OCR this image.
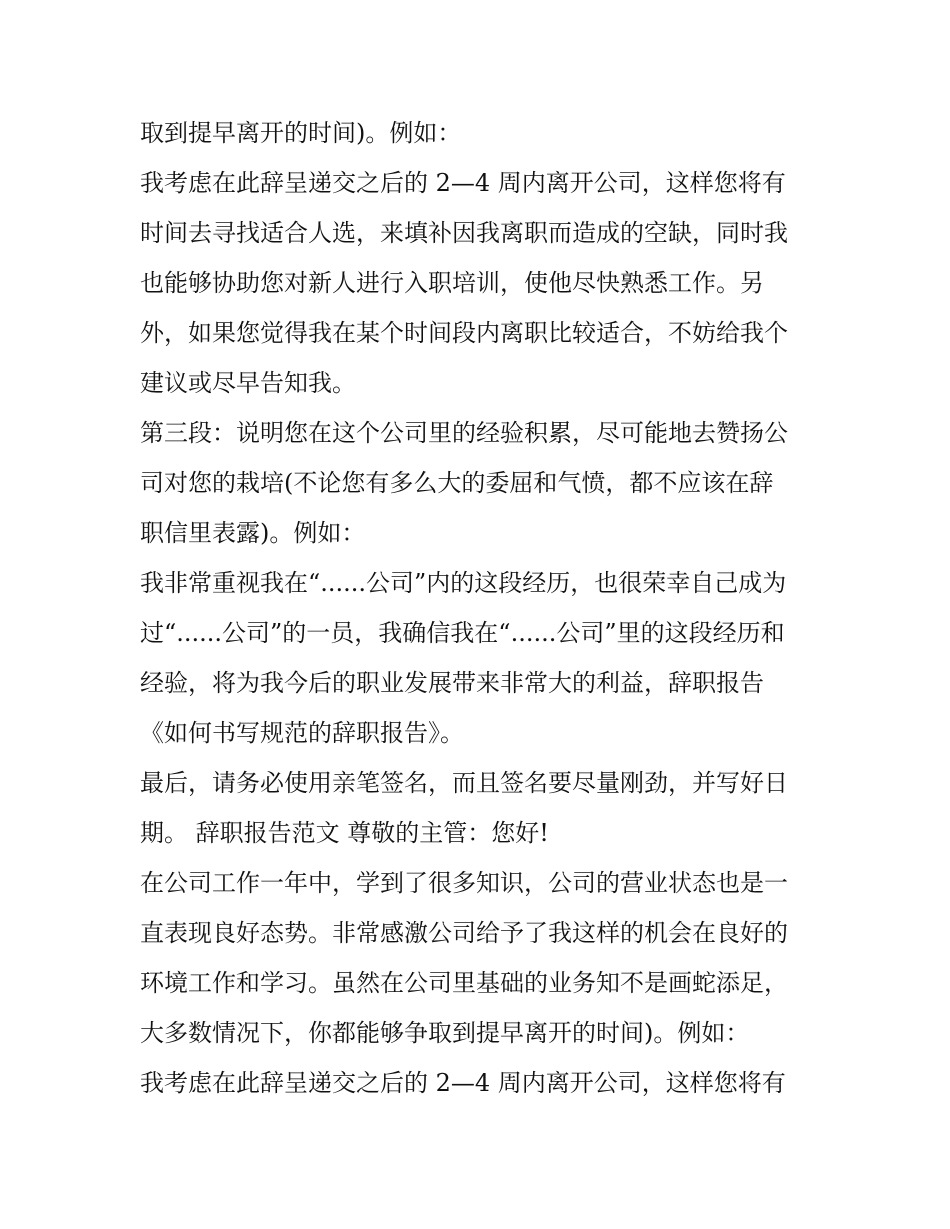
取到提早离开的时间)。例如：
我考虑在此辞呈递交之后的 2—4 周内离开公司，这样您将有
时间去寻找适合人选，来填补因我离职而造成的空缺，同时我
也能够协助您对新人进行入职培训，使他尽快熟悉工作。另
外，如果您觉得我在某个时间段内离职比较适合，不妨给我个
建议或尽早告知我。
第三段：说明您在这个公司里的经验积累，尽可能地去赞扬公
司对您的栽培(不论您有多么大的委屈和气愤，都不应该在辞
职信里表露)。例如：
我非常重视我在“......公司”内的这段经历，也很荣幸自己成为
过“......公司”的一员，我确信我在“......公司”里的这段经历和
经验，将为我今后的职业发展带来非常大的利益，辞职报告
《如何书写规范的辞职报告》。
最后，请务必使用亲笔签名，而且签名要尽量刚劲，并写好日
期。 辞职报告范文 尊敬的主管：您好!
在公司工作一年中，学到了很多知识，公司的营业状态也是一
直表现良好态势。非常感激公司给予了我这样的机会在良好的
环境工作和学习。虽然在公司里基础的业务知不是画蛇添足，
大多数情况下，你都能够争取到提早离开的时间)。例如：
我考虑在此辞呈递交之后的 2—4 周内离开公司，这样您将有
